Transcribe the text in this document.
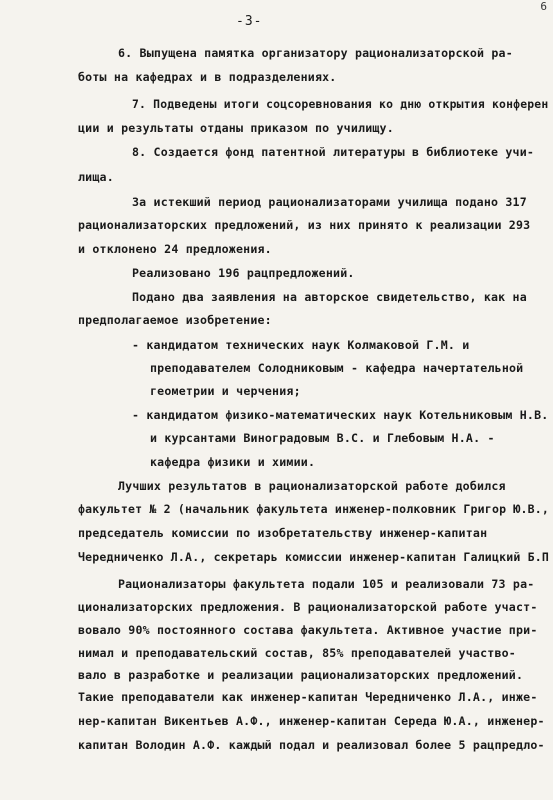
6
-3-
6. Выпущена памятка организатору рационализаторской ра-
боты на кафедрах и в подразделениях.
7. Подведены итоги соцсоревнования ко дню открытия конферен
ции и результаты отданы приказом по училищу.
8. Создается фонд патентной литературы в библиотеке учи-
лища.
За истекший период рационализаторами училища подано 317
рационализаторских предложений, из них принято к реализации 293
и отклонено 24 предложения.
Реализовано 196 рацпредложений.
Подано два заявления на авторское свидетельство, как на
предполагаемое изобретение:
- кандидатом технических наук Колмаковой Г.М. и
преподавателем Солодниковым - кафедра начертательной
геометрии и черчения;
- кандидатом физико-математических наук Котельниковым Н.В.
и курсантами Виноградовым В.С. и Глебовым Н.А. -
кафедра физики и химии.
Лучших результатов в рационализаторской работе добился
факультет № 2 (начальник факультета инженер-полковник Григор Ю.В.,
председатель комиссии по изобретательству инженер-капитан
Чередниченко Л.А., секретарь комиссии инженер-капитан Галицкий Б.П
Рационализаторы факультета подали 105 и реализовали 73 ра-
ционализаторских предложения. В рационализаторской работе участ-
вовало 90% постоянного состава факультета. Активное участие при-
нимал и преподавательский состав, 85% преподавателей участво-
вало в разработке и реализации рационализаторских предложений.
Такие преподаватели как инженер-капитан Чередниченко Л.А., инже-
нер-капитан Викентьев А.Ф., инженер-капитан Середа Ю.А., инженер-
капитан Володин А.Ф. каждый подал и реализовал более 5 рацпредло-
